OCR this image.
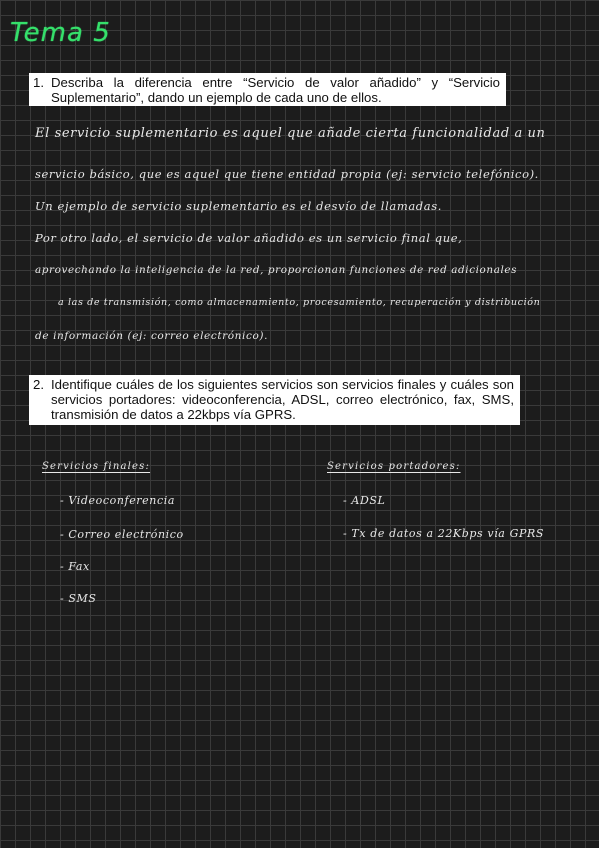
Tema 5
1. Describa la diferencia entre “Servicio de valor añadido” y “Servicio Suplementario”, dando un ejemplo de cada uno de ellos.
El servicio suplementario es aquel que añade cierta funcionalidad a un
servicio básico, que es aquel que tiene entidad propia (ej: servicio telefónico).
Un ejemplo de servicio suplementario es el desvío de llamadas.
Por otro lado, el servicio de valor añadido es un servicio final que,
aprovechando la inteligencia de la red, proporcionan funciones de red adicionales
a las de transmisión, como almacenamiento, procesamiento, recuperación y distribución
de información (ej: correo electrónico).
2. Identifique cuáles de los siguientes servicios son servicios finales y cuáles son servicios portadores: videoconferencia, ADSL, correo electrónico, fax, SMS, transmisión de datos a 22kbps vía GPRS.
Servicios finales:
- Videoconferencia
- Correo electrónico
- Fax
- SMS
Servicios portadores:
- ADSL
- Tx de datos a 22Kbps vía GPRS
